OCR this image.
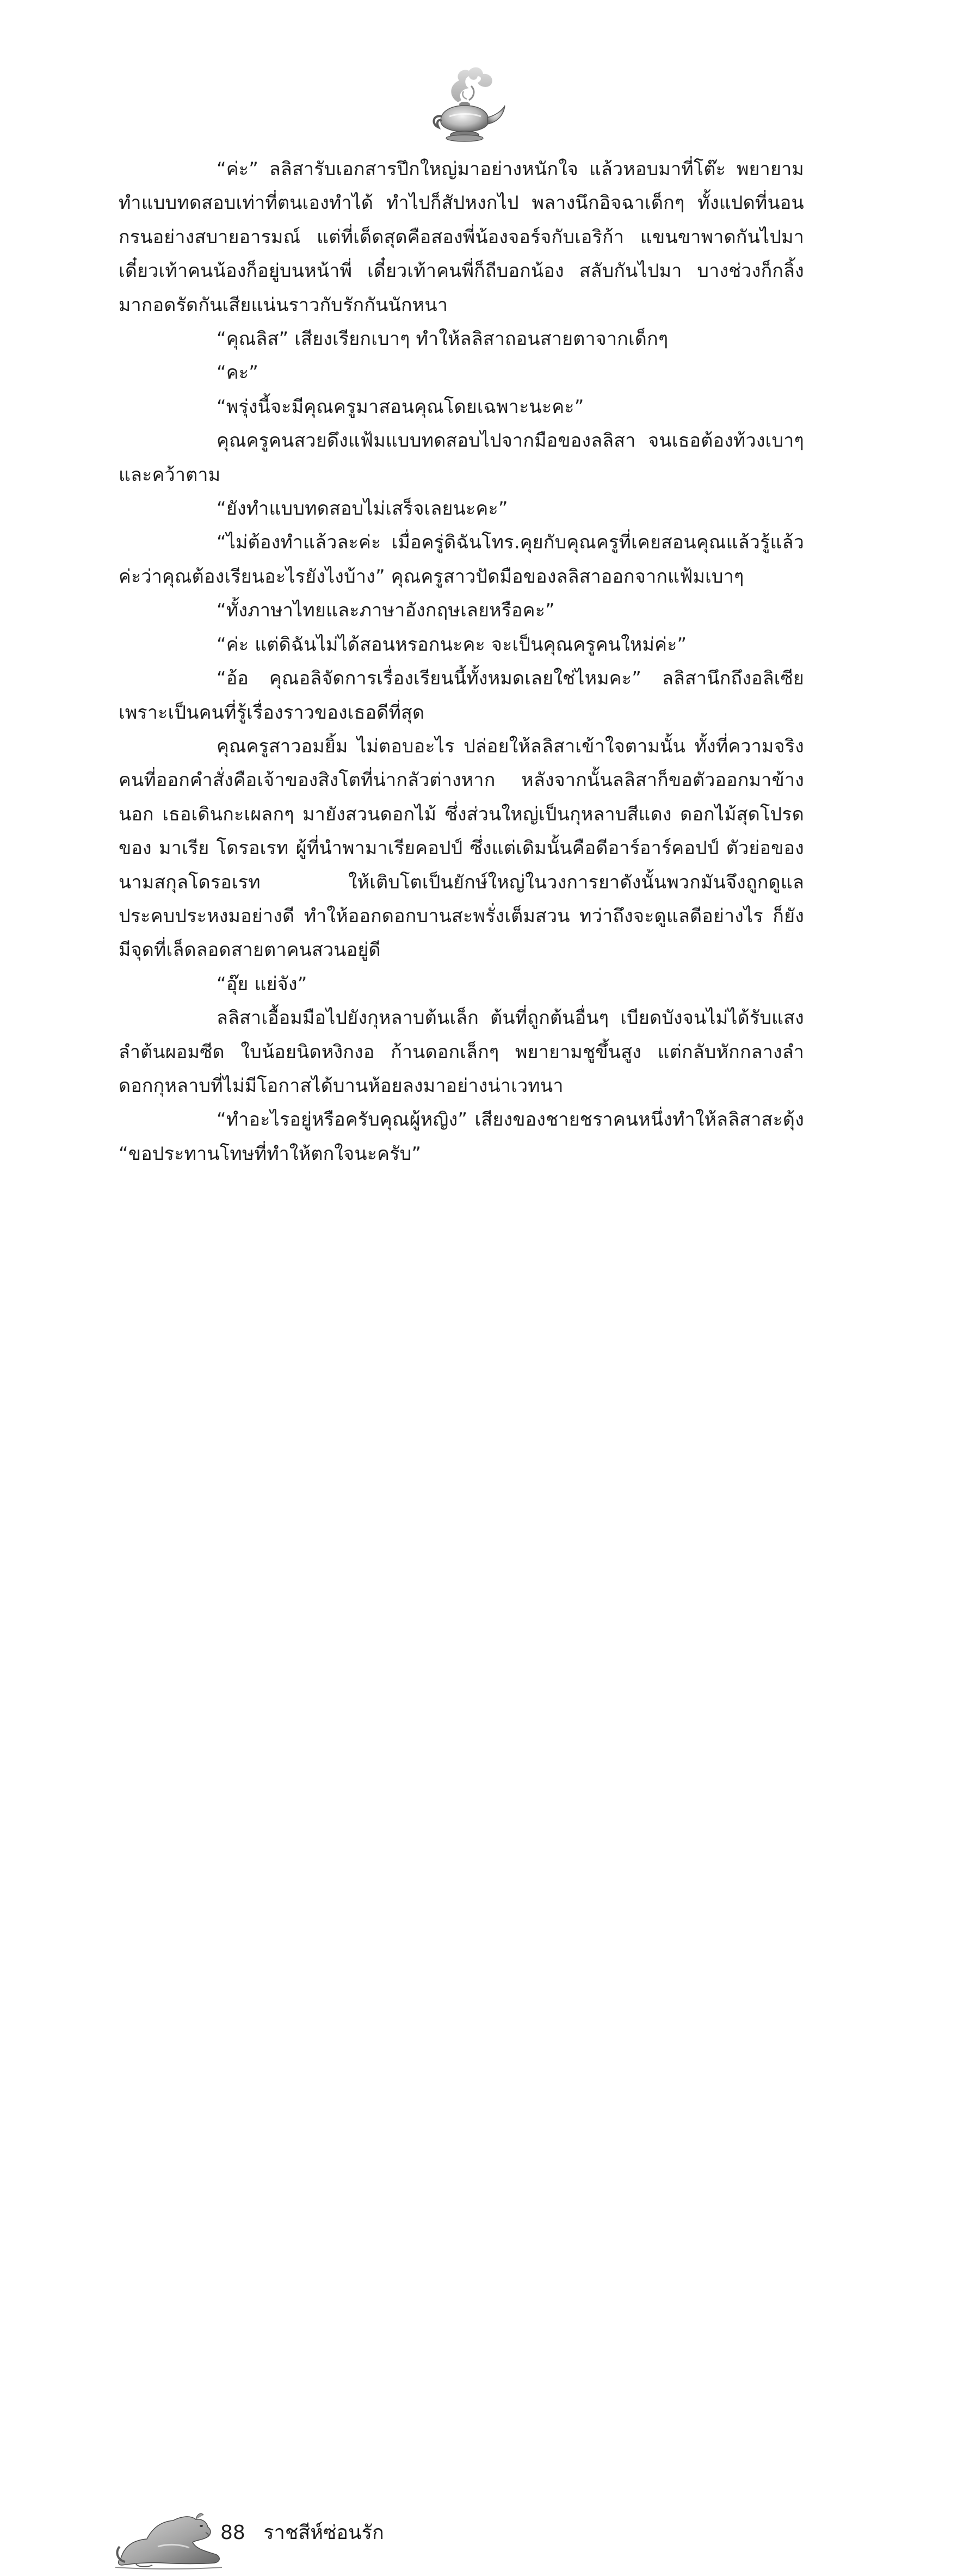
“ค่ะ” ลลิสารับเอกสารปึกใหญ่มาอย่างหนักใจ แล้วหอบมาที่โต๊ะ พยายามทำแบบทดสอบเท่าที่ตนเองทำได้ ทำไปก็สัปหงกไป พลางนึกอิจฉาเด็กๆ ทั้งแปดที่นอนกรนอย่างสบายอารมณ์ แต่ที่เด็ดสุดคือสองพี่น้องจอร์จกับเอริก้า แขนขาพาดกันไปมา เดี๋ยวเท้าคนน้องก็อยู่บนหน้าพี่ เดี๋ยวเท้าคนพี่ก็ถีบอกน้อง สลับกันไปมา บางช่วงก็กลิ้งมากอดรัดกันเสียแน่นราวกับรักกันนักหนา

“คุณลิส” เสียงเรียกเบาๆ ทำให้ลลิสาถอนสายตาจากเด็กๆ

“คะ”

“พรุ่งนี้จะมีคุณครูมาสอนคุณโดยเฉพาะนะคะ”

คุณครูคนสวยดึงแฟ้มแบบทดสอบไปจากมือของลลิสา จนเธอต้องท้วงเบาๆ และคว้าตาม

“ยังทำแบบทดสอบไม่เสร็จเลยนะคะ”

“ไม่ต้องทำแล้วละค่ะ เมื่อครู่ดิฉันโทร.คุยกับคุณครูที่เคยสอนคุณแล้วรู้แล้วค่ะว่าคุณต้องเรียนอะไรยังไงบ้าง” คุณครูสาวปัดมือของลลิสาออกจากแฟ้มเบาๆ

“ทั้งภาษาไทยและภาษาอังกฤษเลยหรือคะ”

“ค่ะ แต่ดิฉันไม่ได้สอนหรอกนะคะ จะเป็นคุณครูคนใหม่ค่ะ”

“อ้อ คุณอลิจัดการเรื่องเรียนนี้ทั้งหมดเลยใช่ไหมคะ” ลลิสานึกถึงอลิเซียเพราะเป็นคนที่รู้เรื่องราวของเธอดีที่สุด

คุณครูสาวอมยิ้ม ไม่ตอบอะไร ปล่อยให้ลลิสาเข้าใจตามนั้น ทั้งที่ความจริงคนที่ออกคำสั่งคือเจ้าของสิงโตที่น่ากลัวต่างหาก หลังจากนั้นลลิสาก็ขอตัวออกมาข้างนอก เธอเดินกะเผลกๆ มายังสวนดอกไม้ ซึ่งส่วนใหญ่เป็นกุหลาบสีแดง ดอกไม้สุดโปรดของ มาเรีย โดรอเรท ผู้ที่นำพามาเรียคอปป์ ซึ่งแต่เดิมนั้นคือดีอาร์อาร์คอปป์ ตัวย่อของนามสกุลโดรอเรท ให้เติบโตเป็นยักษ์ใหญ่ในวงการยาดังนั้นพวกมันจึงถูกดูแลประคบประหงมอย่างดี ทำให้ออกดอกบานสะพรั่งเต็มสวน ทว่าถึงจะดูแลดีอย่างไร ก็ยังมีจุดที่เล็ดลอดสายตาคนสวนอยู่ดี

“อุ๊ย แย่จัง”

ลลิสาเอื้อมมือไปยังกุหลาบต้นเล็ก ต้นที่ถูกต้นอื่นๆ เบียดบังจนไม่ได้รับแสง ลำต้นผอมซีด ใบน้อยนิดหงิกงอ ก้านดอกเล็กๆ พยายามชูขึ้นสูง แต่กลับหักกลางลำ ดอกกุหลาบที่ไม่มีโอกาสได้บานห้อยลงมาอย่างน่าเวทนา

“ทำอะไรอยู่หรือครับคุณผู้หญิง” เสียงของชายชราคนหนึ่งทำให้ลลิสาสะดุ้ง “ขอประทานโทษที่ทำให้ตกใจนะครับ”

88 ราชสีห์ซ่อนรัก
